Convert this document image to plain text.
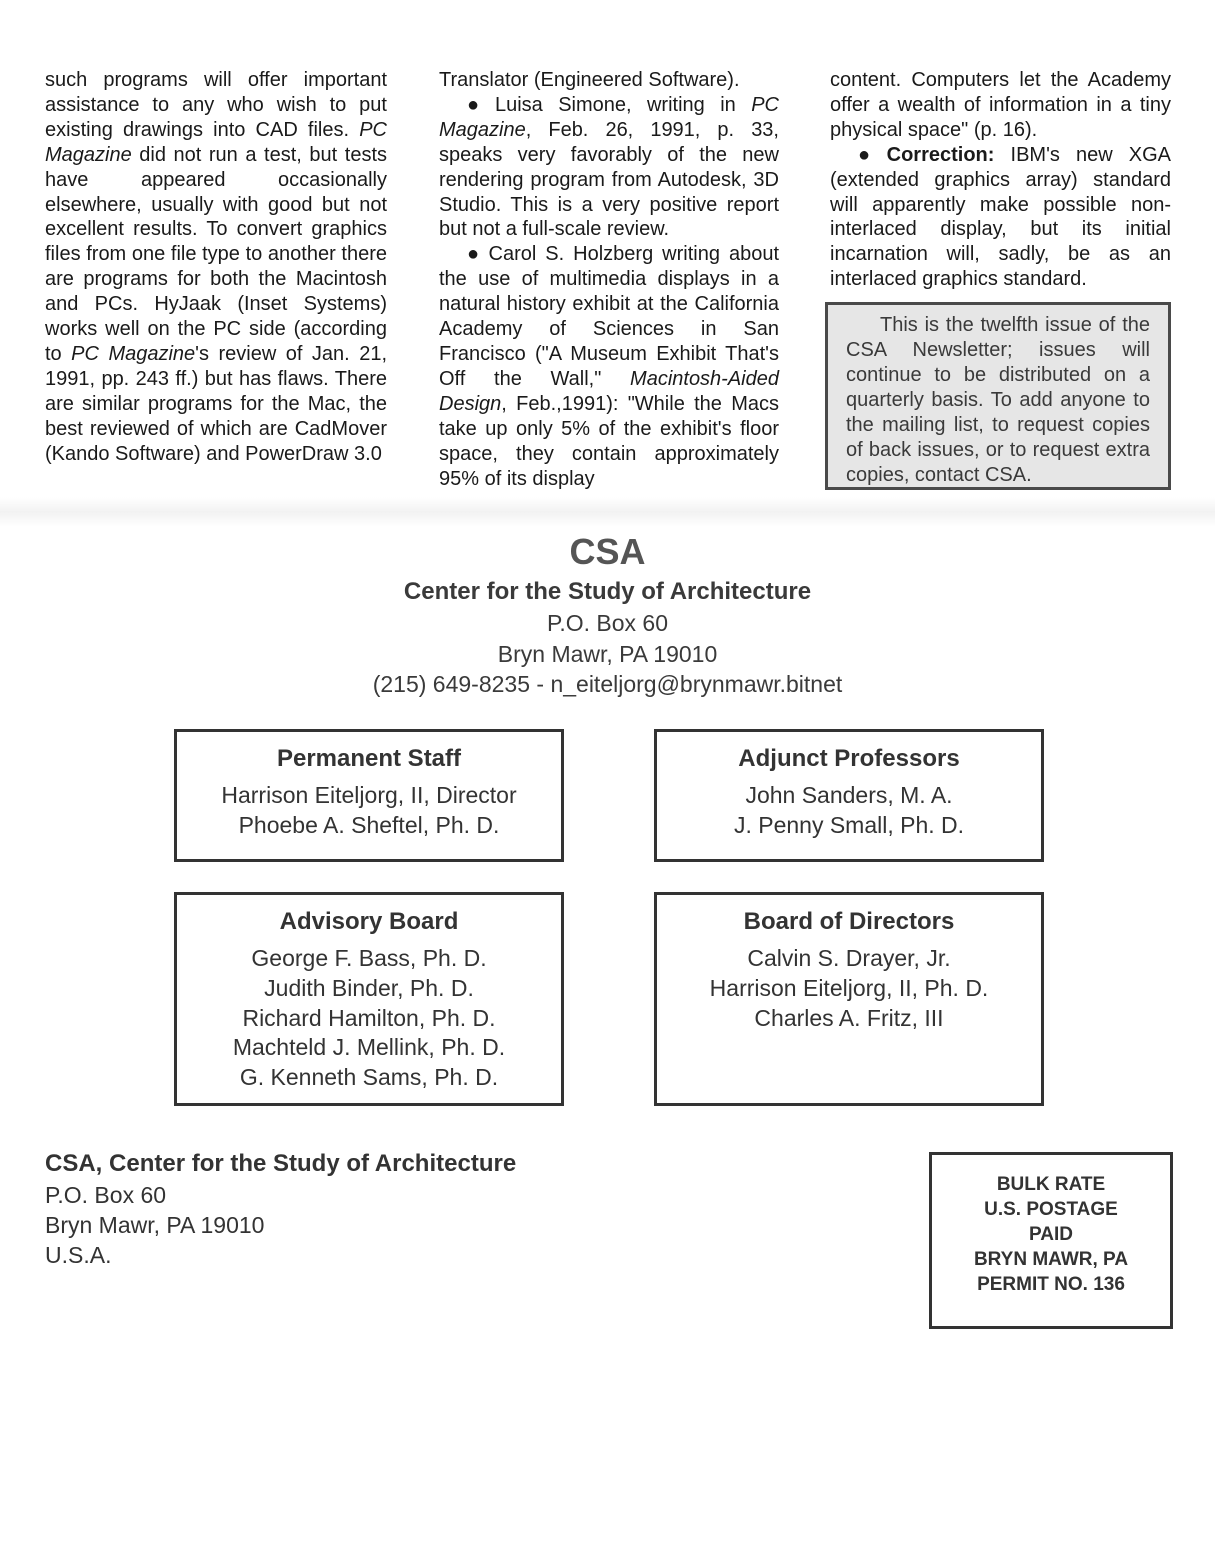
such programs will offer important assistance to any who wish to put existing drawings into CAD files. PC Magazine did not run a test, but tests have appeared occasionally elsewhere, usually with good but not excellent results. To convert graphics files from one file type to another there are programs for both the Macintosh and PCs. HyJaak (Inset Systems) works well on the PC side (according to PC Magazine's review of Jan. 21, 1991, pp. 243 ff.) but has flaws. There are similar programs for the Mac, the best reviewed of which are CadMover (Kando Software) and PowerDraw 3.0

Translator (Engineered Software).

● Luisa Simone, writing in PC Magazine, Feb. 26, 1991, p. 33, speaks very favorably of the new rendering program from Autodesk, 3D Studio. This is a very positive report but not a full-scale review.

● Carol S. Holzberg writing about the use of multimedia displays in a natural history exhibit at the California Academy of Sciences in San Francisco ("A Museum Exhibit That's Off the Wall," Macintosh-Aided Design, Feb.,1991): "While the Macs take up only 5% of the exhibit's floor space, they contain approximately 95% of its display

content. Computers let the Academy offer a wealth of information in a tiny physical space" (p. 16).

● Correction: IBM's new XGA (extended graphics array) standard will apparently make possible non-interlaced display, but its initial incarnation will, sadly, be as an interlaced graphics standard.

This is the twelfth issue of the CSA Newsletter; issues will continue to be distributed on a quarterly basis. To add anyone to the mailing list, to request copies of back issues, or to request extra copies, contact CSA.
CSA
Center for the Study of Architecture
P.O. Box 60
Bryn Mawr, PA 19010
(215) 649-8235 - n_eiteljorg@brynmawr.bitnet
Permanent Staff
Harrison Eiteljorg, II, Director
Phoebe A. Sheftel, Ph. D.
Adjunct Professors
John Sanders, M. A.
J. Penny Small, Ph. D.
Advisory Board
George F. Bass, Ph. D.
Judith Binder, Ph. D.
Richard Hamilton, Ph. D.
Machteld J. Mellink, Ph. D.
G. Kenneth Sams, Ph. D.
Board of Directors
Calvin S. Drayer, Jr.
Harrison Eiteljorg, II, Ph. D.
Charles A. Fritz, III
CSA, Center for the Study of Architecture
P.O. Box 60
Bryn Mawr, PA 19010
U.S.A.
BULK RATE
U.S. POSTAGE
PAID
BRYN MAWR, PA
PERMIT NO. 136
